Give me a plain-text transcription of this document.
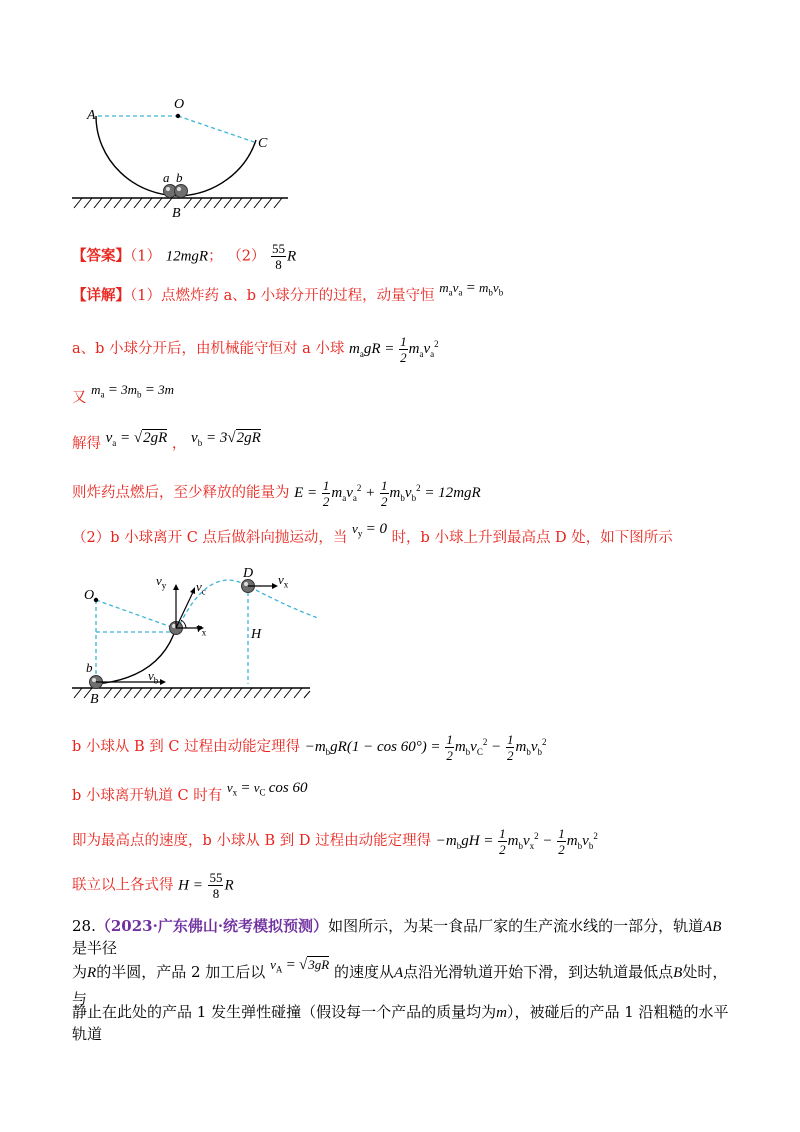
A
O
C
a b
B
【答案】（1） 12mgR； $(2) \frac{55}{8}$ R
【详解】（1）点燃炸药 a、b 小球分开的过程，动量守恒 $m_av_a = m_bv_b$
a、b 小球分开后，由机械能守恒对 a 小球 $m_agR = \frac{1}{2} m_av_a^2$
又 $m_a = 3m_b = 3m$
解得 $v_a = √2gR$ ， $v_b = 3√2gR$
则炸药点燃后，至少释放的能量为 $E = \frac{1}{2} m_av_a^2 + \frac{1}{2} m_bv_b^2 = 12mgR$
（2）b 小球离开 C 点后做斜向抛运动，当 $v_y = 0$ 时，b 小球上升到最高点 D 处，如下图所示
O
$v_y$ $v_c$
$v_x$
D $v_x$
H
b
B
$v_b$
b 小球从 B 到 C 过程由动能定理得 $-m_bgR(1 - \cos 60^\circ) = \frac{1}{2} m_bv_C^2 - \frac{1}{2} m_bv_b^2$
b 小球离开轨道 C 时有 $v_x = v_C$ cos 60
即为最高点的速度，b 小球从 B 到 D 过程由动能定理得 $-m_bgH = \frac{1}{2} m_bv_x^2 - \frac{1}{2} m_bv_b^2$
联立以上各式得 $H = \frac{55}{8}$ R
28.（2023·广东佛山·统考模拟预测）如图所示，为某一食品厂家的生产流水线的一部分，轨道AB是半径
为R的半圆，产品 2 加工后以 $v_A = √3gR$ 的速度从A点沿光滑轨道开始下滑，到达轨道最低点B处时，与
静止在此处的产品 1 发生弹性碰撞（假设每一个产品的质量均为m），被碰后的产品 1 沿粗糙的水平轨道
